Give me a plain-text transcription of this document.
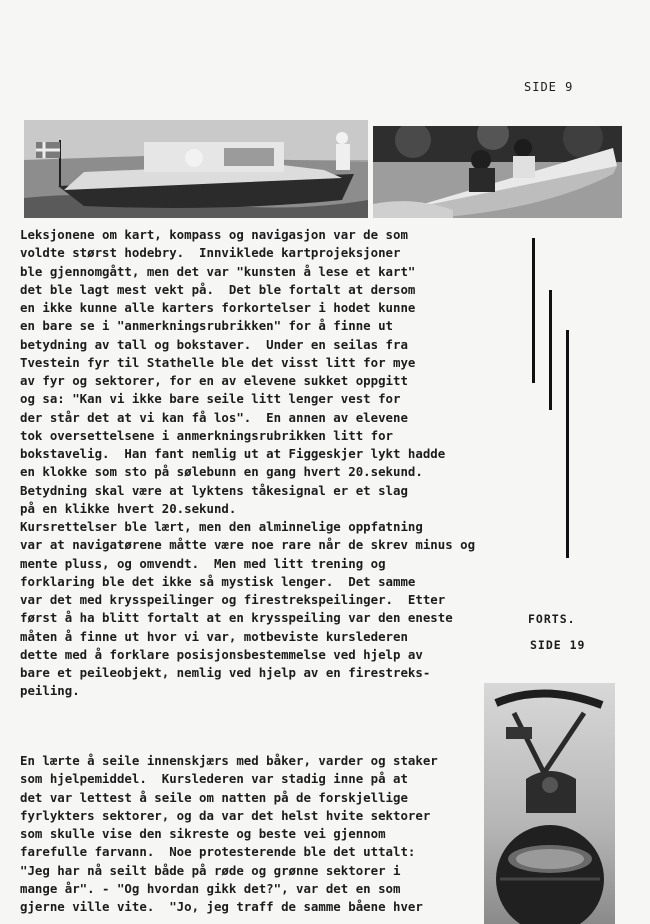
SIDE 9
Leksjonene om kart, kompass og navigasjon var de som
voldte størst hodebry.  Innviklede kartprojeksjoner
ble gjennomgått, men det var "kunsten å lese et kart"
det ble lagt mest vekt på.  Det ble fortalt at dersom
en ikke kunne alle karters forkortelser i hodet kunne
en bare se i "anmerkningsrubrikken" for å finne ut
betydning av tall og bokstaver.  Under en seilas fra
Tvestein fyr til Stathelle ble det visst litt for mye
av fyr og sektorer, for en av elevene sukket oppgitt
og sa: "Kan vi ikke bare seile litt lenger vest for
der står det at vi kan få los".  En annen av elevene
tok oversettelsene i anmerkningsrubrikken litt for
bokstavelig.  Han fant nemlig ut at Figgeskjer lykt hadde
en klokke som sto på sølebunn en gang hvert 20.sekund.
Betydning skal være at lyktens tåkesignal er et slag
på en klikke hvert 20.sekund.
Kursrettelser ble lært, men den alminnelige oppfatning
var at navigatørene måtte være noe rare når de skrev minus og
mente pluss, og omvendt.  Men med litt trening og
forklaring ble det ikke så mystisk lenger.  Det samme
var det med krysspeilinger og firestrekspeilinger.  Etter
først å ha blitt fortalt at en krysspeiling var den eneste
måten å finne ut hvor vi var, motbeviste kurslederen
dette med å forklare posisjonsbestemmelse ved hjelp av
bare et peileobjekt, nemlig ved hjelp av en firestreks-
peiling.

FORTS.
SIDE 19
En lærte å seile innenskjærs med båker, varder og staker
som hjelpemiddel.  Kurslederen var stadig inne på at
det var lettest å seile om natten på de forskjellige
fyrlykters sektorer, og da var det helst hvite sektorer
som skulle vise den sikreste og beste vei gjennom
farefulle farvann.  Noe protesterende ble det uttalt:
"Jeg har nå seilt både på røde og grønne sektorer i
mange år". - "Og hvordan gikk det?", var det en som
gjerne ville vite.  "Jo, jeg traff de samme båene hver
